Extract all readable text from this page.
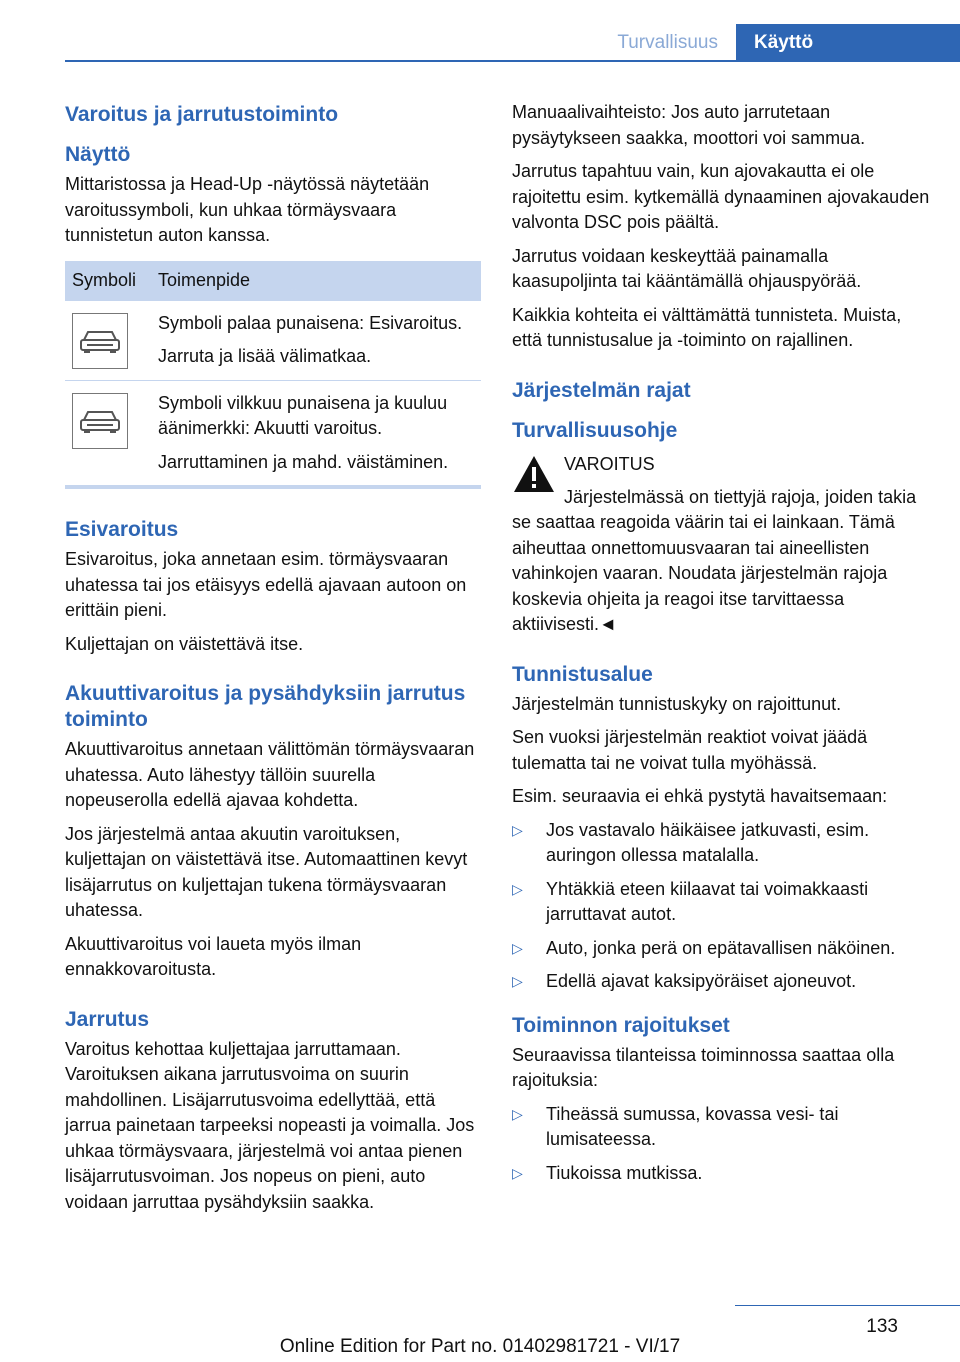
Turvallisuus	Käyttö
Varoitus ja jarrutustoiminto
Näyttö

Mittaristossa ja Head-Up -näytössä näytetään varoitussymboli, kun uhkaa törmäysvaara tunnistetun auton kanssa.

Symboli	Toimenpide

Symboli palaa punaisena: Esivaroitus.
Jarruta ja lisää välimatkaa.

Symboli vilkkuu punaisena ja kuuluu äänimerkki: Akuutti varoitus.
Jarruttaminen ja mahd. väistäminen.
Esivaroitus

Esivaroitus, joka annetaan esim. törmäysvaaran uhatessa tai jos etäisyys edellä ajavaan autoon on erittäin pieni.

Kuljettajan on väistettävä itse.

Akuuttivaroitus ja pysähdyksiin jarrutus toiminto

Akuuttivaroitus annetaan välittömän törmäysvaaran uhatessa. Auto lähestyy tällöin suurella nopeuserolla edellä ajavaa kohdetta.

Jos järjestelmä antaa akuutin varoituksen, kuljettajan on väistettävä itse. Automaattinen kevyt lisäjarrutus on kuljettajan tukena törmäysvaaran uhatessa.

Akuuttivaroitus voi laueta myös ilman ennakkovaroitusta.

Jarrutus

Varoitus kehottaa kuljettajaa jarruttamaan. Varoituksen aikana jarrutusvoima on suurin mahdollinen. Lisäjarrutusvoima edellyttää, että jarrua painetaan tarpeeksi nopeasti ja voimalla. Jos uhkaa törmäysvaara, järjestelmä voi antaa pienen lisäjarrutusvoiman. Jos nopeus on pieni, auto voidaan jarruttaa pysähdyksiin saakka.

Manuaalivaihteisto: Jos auto jarrutetaan pysäytykseen saakka, moottori voi sammua.

Jarrutus tapahtuu vain, kun ajovakautta ei ole rajoitettu esim. kytkemällä dynaaminen ajovakauden valvonta DSC pois päältä.

Jarrutus voidaan keskeyttää painamalla kaasupoljinta tai kääntämällä ohjauspyörää.

Kaikkia kohteita ei välttämättä tunnisteta. Muista, että tunnistusalue ja -toiminto on rajallinen.

Järjestelmän rajat
Turvallisuusohje
VAROITUS

Järjestelmässä on tiettyjä rajoja, joiden takia se saattaa reagoida väärin tai ei lainkaan. Tämä aiheuttaa onnettomuusvaaran tai aineellisten vahinkojen vaaran. Noudata järjestelmän rajoja koskevia ohjeita ja reagoi itse tarvittaessa aktiivisesti.◄

Tunnistusalue

Järjestelmän tunnistuskyky on rajoittunut.

Sen vuoksi järjestelmän reaktiot voivat jäädä tulematta tai ne voivat tulla myöhässä.

Esim. seuraavia ei ehkä pystytä havaitsemaan:

▷ Jos vastavalo häikäisee jatkuvasti, esim. auringon ollessa matalalla.
▷ Yhtäkkiä eteen kiilaavat tai voimakkaasti jarruttavat autot.
▷ Auto, jonka perä on epätavallisen näköinen.
▷ Edellä ajavat kaksipyöräiset ajoneuvot.
Toiminnon rajoitukset

Seuraavissa tilanteissa toiminnossa saattaa olla rajoituksia:

▷ Tiheässä sumussa, kovassa vesi- tai lumisateessa.
▷ Tiukoissa mutkissa.
133
Online Edition for Part no. 01402981721 - VI/17
